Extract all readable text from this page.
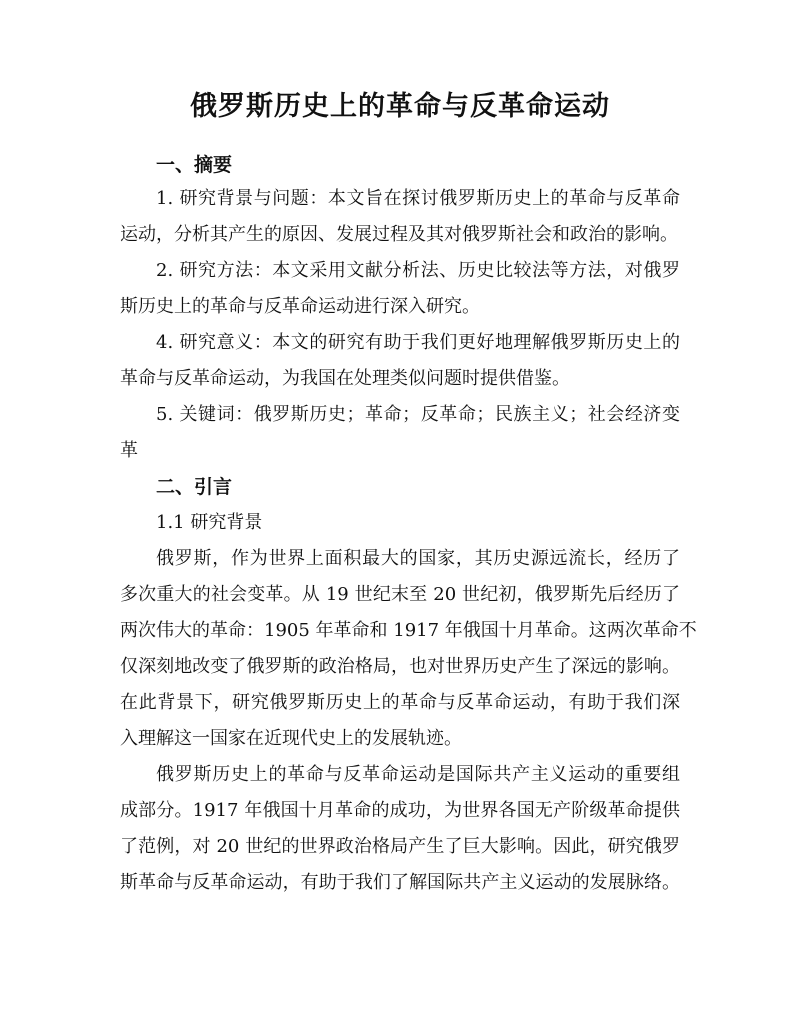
俄罗斯历史上的革命与反革命运动
一、摘要

1. 研究背景与问题：本文旨在探讨俄罗斯历史上的革命与反革命

运动，分析其产生的原因、发展过程及其对俄罗斯社会和政治的影响。

2. 研究方法：本文采用文献分析法、历史比较法等方法，对俄罗

斯历史上的革命与反革命运动进行深入研究。

4. 研究意义：本文的研究有助于我们更好地理解俄罗斯历史上的

革命与反革命运动，为我国在处理类似问题时提供借鉴。

5. 关键词：俄罗斯历史；革命；反革命；民族主义；社会经济变

革

二、引言

1.1 研究背景

俄罗斯，作为世界上面积最大的国家，其历史源远流长，经历了

多次重大的社会变革。从 19 世纪末至 20 世纪初，俄罗斯先后经历了

两次伟大的革命：1905 年革命和 1917 年俄国十月革命。这两次革命不

仅深刻地改变了俄罗斯的政治格局，也对世界历史产生了深远的影响。

在此背景下，研究俄罗斯历史上的革命与反革命运动，有助于我们深

入理解这一国家在近现代史上的发展轨迹。

俄罗斯历史上的革命与反革命运动是国际共产主义运动的重要组

成部分。1917 年俄国十月革命的成功，为世界各国无产阶级革命提供

了范例，对 20 世纪的世界政治格局产生了巨大影响。因此，研究俄罗

斯革命与反革命运动，有助于我们了解国际共产主义运动的发展脉络。
